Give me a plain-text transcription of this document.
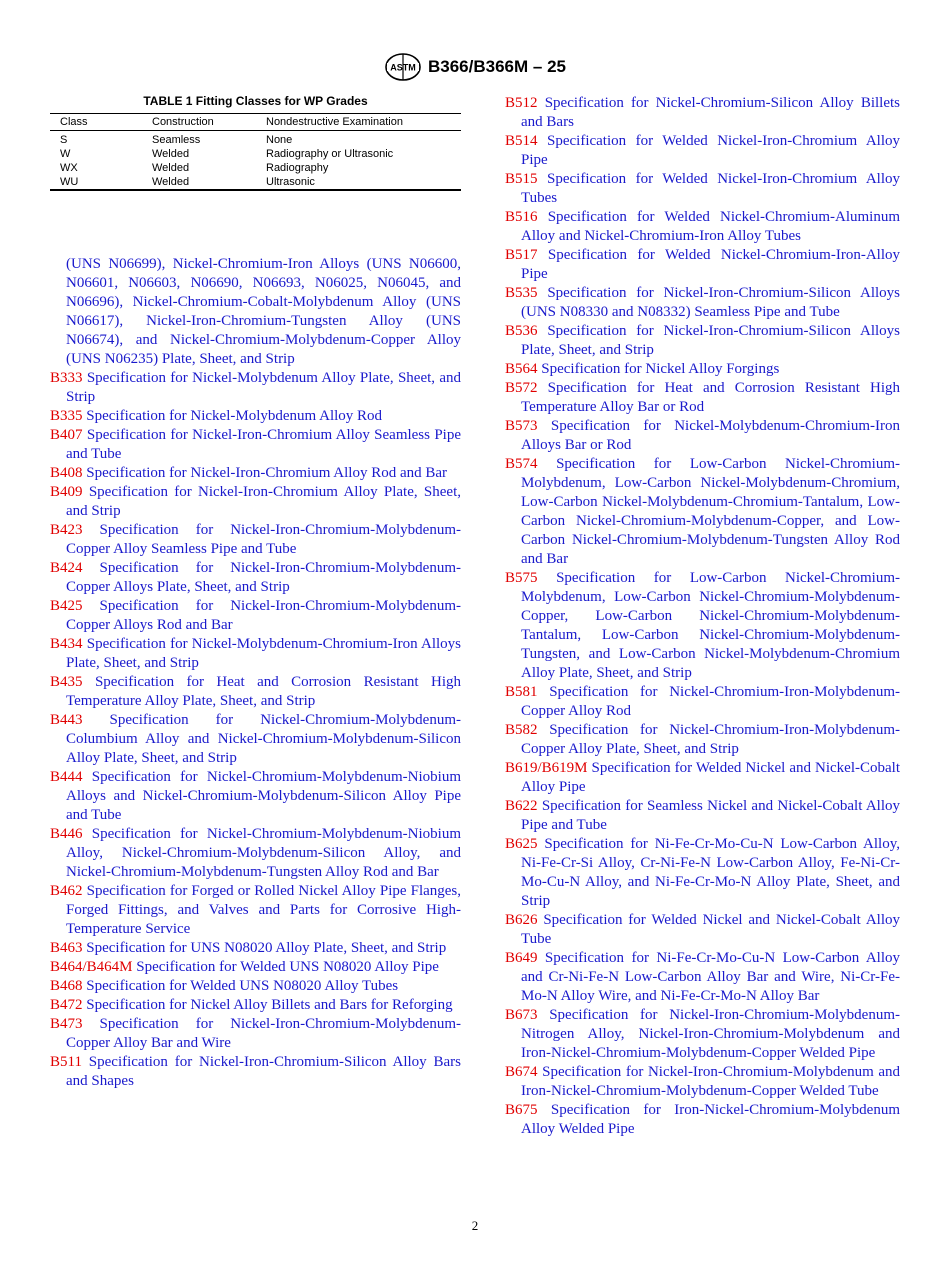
ASTM B366/B366M – 25
TABLE 1 Fitting Classes for WP Grades
Class	Construction	Nondestructive Examination
S	Seamless	None
W	Welded	Radiography or Ultrasonic
WX	Welded	Radiography
WU	Welded	Ultrasonic

(UNS N06699), Nickel-Chromium-Iron Alloys (UNS N06600, N06601, N06603, N06690, N06693, N06025, N06045, and N06696), Nickel-Chromium-Cobalt-Molybdenum Alloy (UNS N06617), Nickel-Iron-Chromium-Tungsten Alloy (UNS N06674), and Nickel-Chromium-Molybdenum-Copper Alloy (UNS N06235) Plate, Sheet, and Strip

B333 Specification for Nickel-Molybdenum Alloy Plate, Sheet, and Strip

B335 Specification for Nickel-Molybdenum Alloy Rod

B407 Specification for Nickel-Iron-Chromium Alloy Seamless Pipe and Tube

B408 Specification for Nickel-Iron-Chromium Alloy Rod and Bar

B409 Specification for Nickel-Iron-Chromium Alloy Plate, Sheet, and Strip

B423 Specification for Nickel-Iron-Chromium-Molybdenum-Copper Alloy Seamless Pipe and Tube

B424 Specification for Nickel-Iron-Chromium-Molybdenum-Copper Alloys Plate, Sheet, and Strip

B425 Specification for Nickel-Iron-Chromium-Molybdenum-Copper Alloys Rod and Bar

B434 Specification for Nickel-Molybdenum-Chromium-Iron Alloys Plate, Sheet, and Strip

B435 Specification for Heat and Corrosion Resistant High Temperature Alloy Plate, Sheet, and Strip

B443 Specification for Nickel-Chromium-Molybdenum-Columbium Alloy and Nickel-Chromium-Molybdenum-Silicon Alloy Plate, Sheet, and Strip

B444 Specification for Nickel-Chromium-Molybdenum-Niobium Alloys and Nickel-Chromium-Molybdenum-Silicon Alloy Pipe and Tube

B446 Specification for Nickel-Chromium-Molybdenum-Niobium Alloy, Nickel-Chromium-Molybdenum-Silicon Alloy, and Nickel-Chromium-Molybdenum-Tungsten Alloy Rod and Bar

B462 Specification for Forged or Rolled Nickel Alloy Pipe Flanges, Forged Fittings, and Valves and Parts for Corrosive High-Temperature Service

B463 Specification for UNS N08020 Alloy Plate, Sheet, and Strip

B464/B464M Specification for Welded UNS N08020 Alloy Pipe

B468 Specification for Welded UNS N08020 Alloy Tubes

B472 Specification for Nickel Alloy Billets and Bars for Reforging

B473 Specification for Nickel-Iron-Chromium-Molybdenum-Copper Alloy Bar and Wire

B511 Specification for Nickel-Iron-Chromium-Silicon Alloy Bars and Shapes

B512 Specification for Nickel-Chromium-Silicon Alloy Billets and Bars

B514 Specification for Welded Nickel-Iron-Chromium Alloy Pipe

B515 Specification for Welded Nickel-Iron-Chromium Alloy Tubes

B516 Specification for Welded Nickel-Chromium-Aluminum Alloy and Nickel-Chromium-Iron Alloy Tubes

B517 Specification for Welded Nickel-Chromium-Iron-Alloy Pipe

B535 Specification for Nickel-Iron-Chromium-Silicon Alloys (UNS N08330 and N08332) Seamless Pipe and Tube

B536 Specification for Nickel-Iron-Chromium-Silicon Alloys Plate, Sheet, and Strip

B564 Specification for Nickel Alloy Forgings

B572 Specification for Heat and Corrosion Resistant High Temperature Alloy Bar or Rod

B573 Specification for Nickel-Molybdenum-Chromium-Iron Alloys Bar or Rod

B574 Specification for Low-Carbon Nickel-Chromium-Molybdenum, Low-Carbon Nickel-Molybdenum-Chromium, Low-Carbon Nickel-Molybdenum-Chromium-Tantalum, Low-Carbon Nickel-Chromium-Molybdenum-Copper, and Low-Carbon Nickel-Chromium-Molybdenum-Tungsten Alloy Rod and Bar

B575 Specification for Low-Carbon Nickel-Chromium-Molybdenum, Low-Carbon Nickel-Chromium-Molybdenum-Copper, Low-Carbon Nickel-Chromium-Molybdenum-Tantalum, Low-Carbon Nickel-Chromium-Molybdenum-Tungsten, and Low-Carbon Nickel-Molybdenum-Chromium Alloy Plate, Sheet, and Strip

B581 Specification for Nickel-Chromium-Iron-Molybdenum-Copper Alloy Rod

B582 Specification for Nickel-Chromium-Iron-Molybdenum-Copper Alloy Plate, Sheet, and Strip

B619/B619M Specification for Welded Nickel and Nickel-Cobalt Alloy Pipe

B622 Specification for Seamless Nickel and Nickel-Cobalt Alloy Pipe and Tube

B625 Specification for Ni-Fe-Cr-Mo-Cu-N Low-Carbon Alloy, Ni-Fe-Cr-Si Alloy, Cr-Ni-Fe-N Low-Carbon Alloy, Fe-Ni-Cr-Mo-Cu-N Alloy, and Ni-Fe-Cr-Mo-N Alloy Plate, Sheet, and Strip

B626 Specification for Welded Nickel and Nickel-Cobalt Alloy Tube

B649 Specification for Ni-Fe-Cr-Mo-Cu-N Low-Carbon Alloy and Cr-Ni-Fe-N Low-Carbon Alloy Bar and Wire, Ni-Cr-Fe-Mo-N Alloy Wire, and Ni-Fe-Cr-Mo-N Alloy Bar

B673 Specification for Nickel-Iron-Chromium-Molybdenum-Nitrogen Alloy, Nickel-Iron-Chromium-Molybdenum and Iron-Nickel-Chromium-Molybdenum-Copper Welded Pipe

B674 Specification for Nickel-Iron-Chromium-Molybdenum and Iron-Nickel-Chromium-Molybdenum-Copper Welded Tube

B675 Specification for Iron-Nickel-Chromium-Molybdenum Alloy Welded Pipe

2
